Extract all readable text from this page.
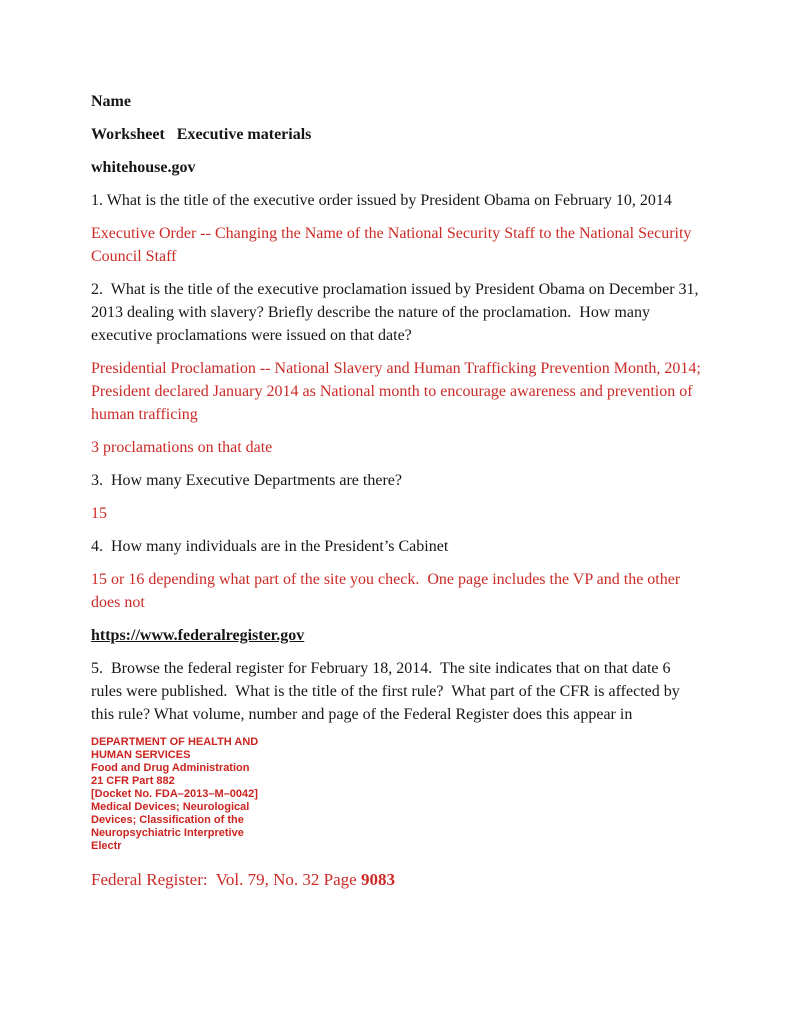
Name

Worksheet   Executive materials

whitehouse.gov

1. What is the title of the executive order issued by President Obama on February 10, 2014

Executive Order -- Changing the Name of the National Security Staff to the National Security Council Staff

2.  What is the title of the executive proclamation issued by President Obama on December 31, 2013 dealing with slavery? Briefly describe the nature of the proclamation.  How many executive proclamations were issued on that date?

Presidential Proclamation -- National Slavery and Human Trafficking Prevention Month, 2014; President declared January 2014 as National month to encourage awareness and prevention of human trafficing

3 proclamations on that date

3.  How many Executive Departments are there?

15

4.  How many individuals are in the President’s Cabinet

15 or 16 depending what part of the site you check.  One page includes the VP and the other does not

https://www.federalregister.gov

5.  Browse the federal register for February 18, 2014.  The site indicates that on that date 6 rules were published.  What is the title of the first rule?  What part of the CFR is affected by this rule? What volume, number and page of the Federal Register does this appear in

DEPARTMENT OF HEALTH AND
HUMAN SERVICES
Food and Drug Administration
21 CFR Part 882
[Docket No. FDA–2013–M–0042]
Medical Devices; Neurological
Devices; Classification of the
Neuropsychiatric Interpretive
Electr

Federal Register:  Vol. 79, No. 32 Page 9083
